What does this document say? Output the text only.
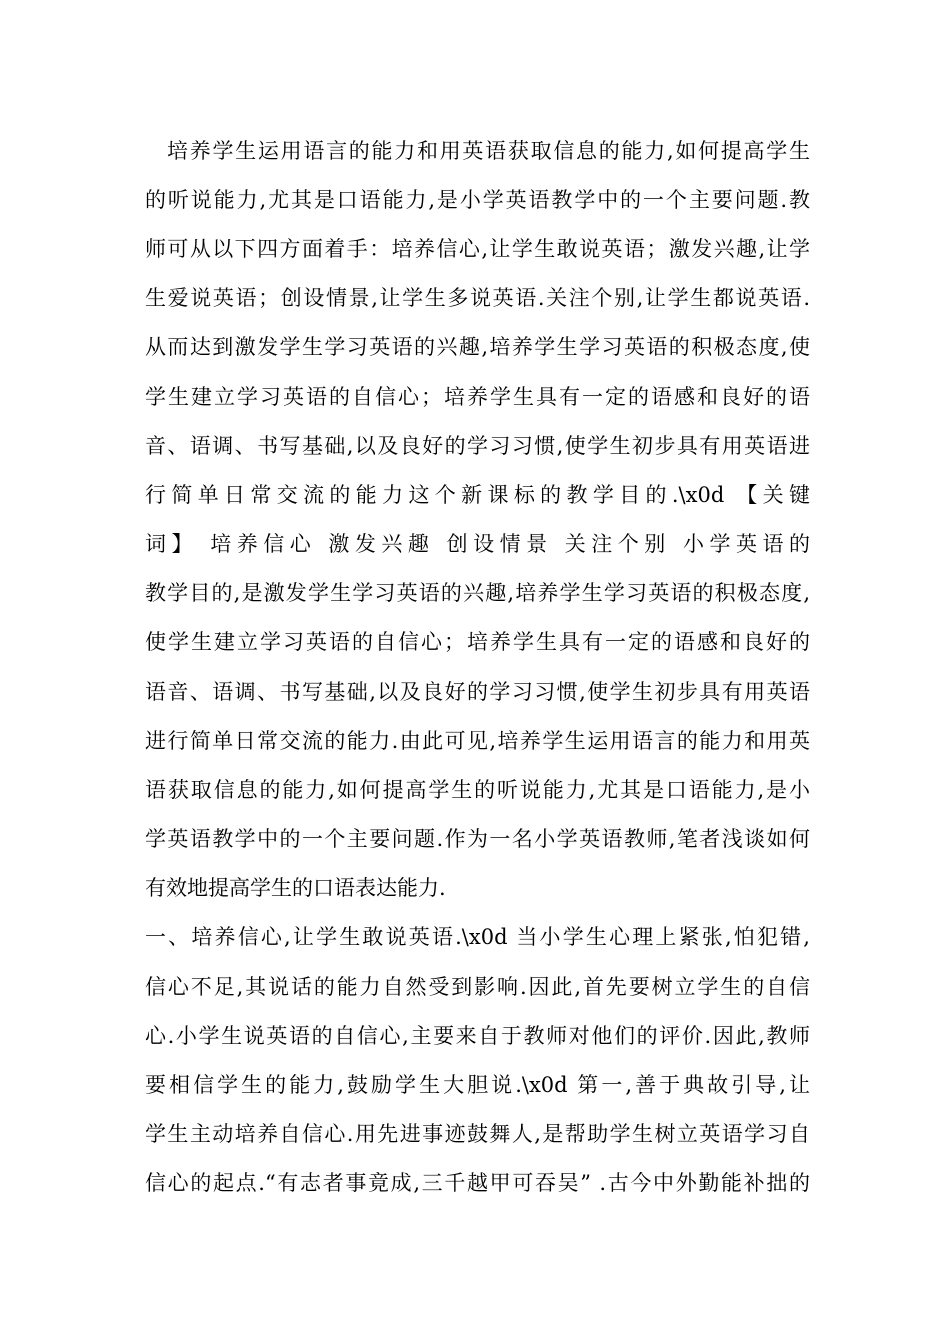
培养学生运用语言的能力和用英语获取信息的能力,如何提高学生
的听说能力,尤其是口语能力,是小学英语教学中的一个主要问题.教
师可从以下四方面着手：培养信心,让学生敢说英语；激发兴趣,让学
生爱说英语；创设情景,让学生多说英语.关注个别,让学生都说英语.
从而达到激发学生学习英语的兴趣,培养学生学习英语的积极态度,使
学生建立学习英语的自信心；培养学生具有一定的语感和良好的语
音、语调、书写基础,以及良好的学习习惯,使学生初步具有用英语进
行简单日常交流的能力这个新课标的教学目的.\x0d 【关键
词】 培养信心 激发兴趣 创设情景 关注个别 小学英语的
教学目的,是激发学生学习英语的兴趣,培养学生学习英语的积极态度,
使学生建立学习英语的自信心；培养学生具有一定的语感和良好的
语音、语调、书写基础,以及良好的学习习惯,使学生初步具有用英语
进行简单日常交流的能力.由此可见,培养学生运用语言的能力和用英
语获取信息的能力,如何提高学生的听说能力,尤其是口语能力,是小
学英语教学中的一个主要问题.作为一名小学英语教师,笔者浅谈如何
有效地提高学生的口语表达能力.
一、培养信心,让学生敢说英语.\x0d 当小学生心理上紧张,怕犯错,
信心不足,其说话的能力自然受到影响.因此,首先要树立学生的自信
心.小学生说英语的自信心,主要来自于教师对他们的评价.因此,教师
要相信学生的能力,鼓励学生大胆说.\x0d 第一,善于典故引导,让
学生主动培养自信心.用先进事迹鼓舞人,是帮助学生树立英语学习自
信心的起点.“有志者事竟成,三千越甲可吞吴” .古今中外勤能补拙的
